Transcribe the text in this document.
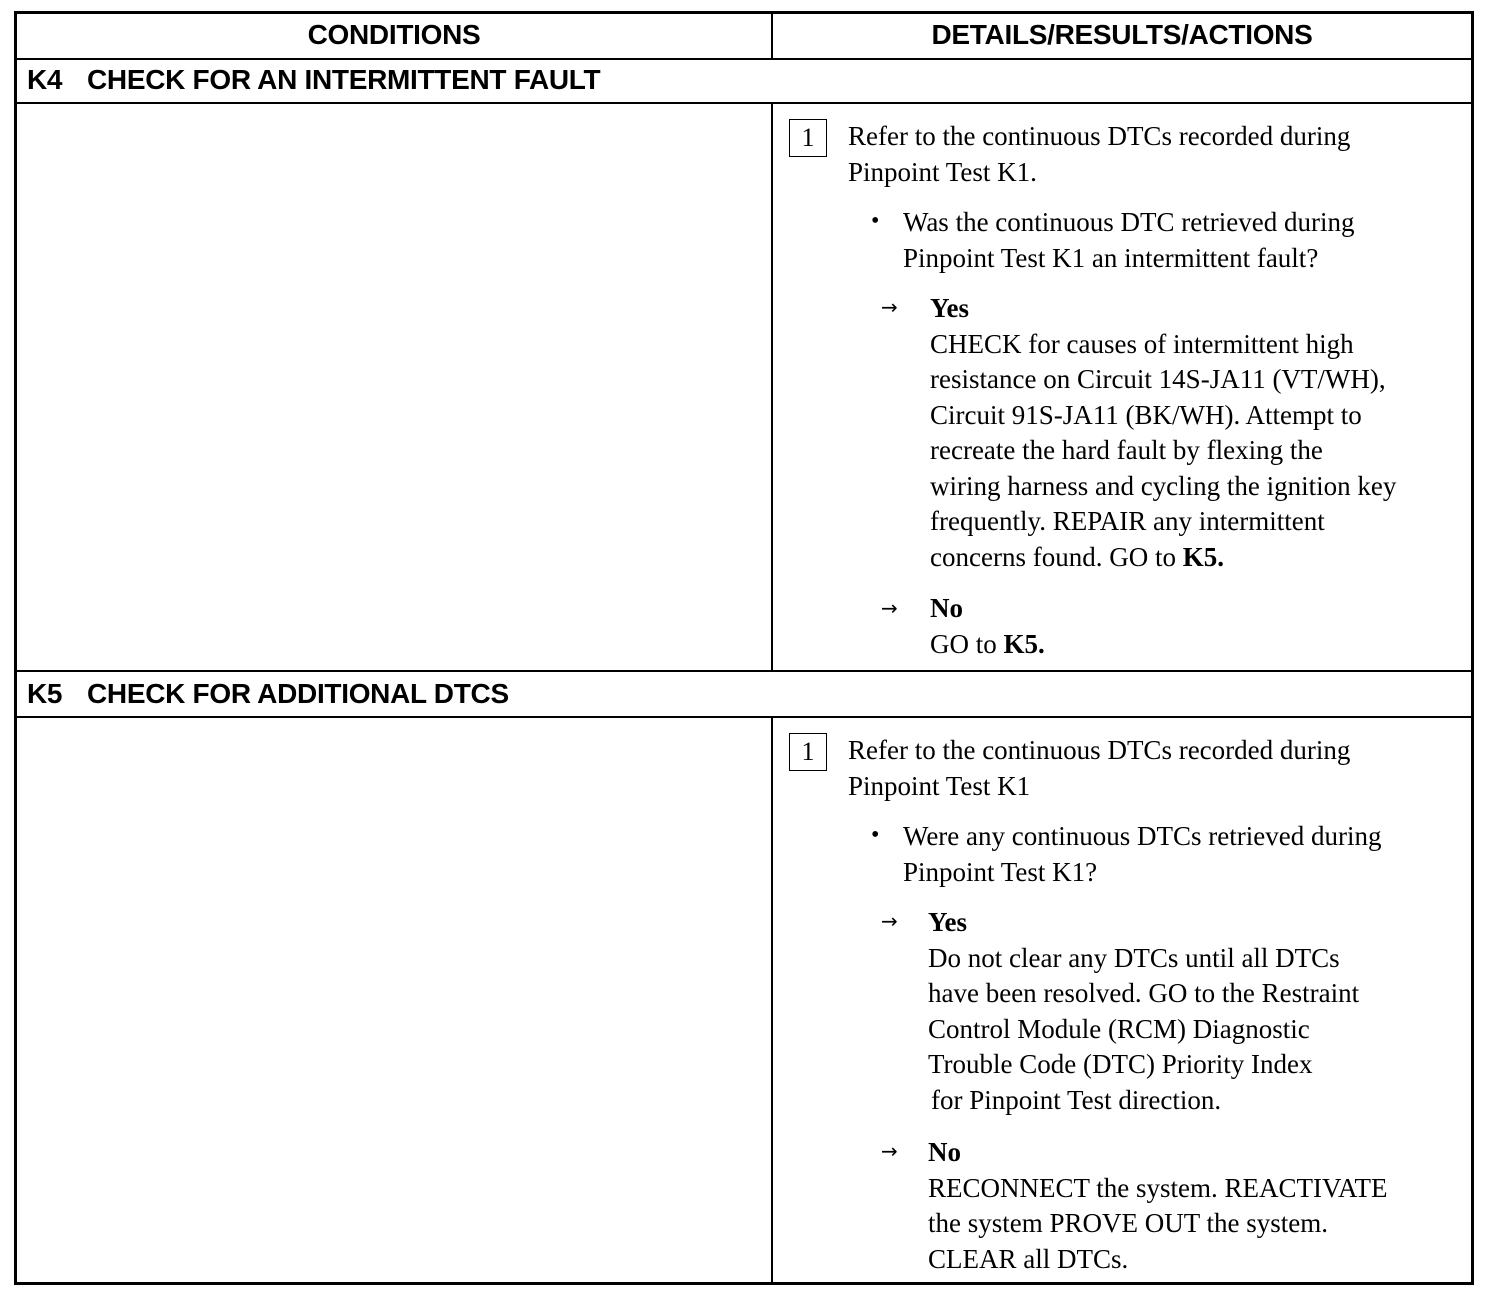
CONDITIONS	DETAILS/RESULTS/ACTIONS
K4 CHECK FOR AN INTERMITTENT FAULT
1	Refer to the continuous DTCs recorded during
Pinpoint Test K1.
• Was the continuous DTC retrieved during
Pinpoint Test K1 an intermittent fault?
→ Yes
CHECK for causes of intermittent high
resistance on Circuit 14S-JA11 (VT/WH),
Circuit 91S-JA11 (BK/WH). Attempt to
recreate the hard fault by flexing the
wiring harness and cycling the ignition key
frequently. REPAIR any intermittent
concerns found. GO to K5.
→ No
GO to K5.
K5 CHECK FOR ADDITIONAL DTCS
1	Refer to the continuous DTCs recorded during
Pinpoint Test K1
• Were any continuous DTCs retrieved during
Pinpoint Test K1?
→ Yes
Do not clear any DTCs until all DTCs
have been resolved. GO to the Restraint
Control Module (RCM) Diagnostic
Trouble Code (DTC) Priority Index
for Pinpoint Test direction.
→ No
RECONNECT the system. REACTIVATE
the system PROVE OUT the system.
CLEAR all DTCs.
